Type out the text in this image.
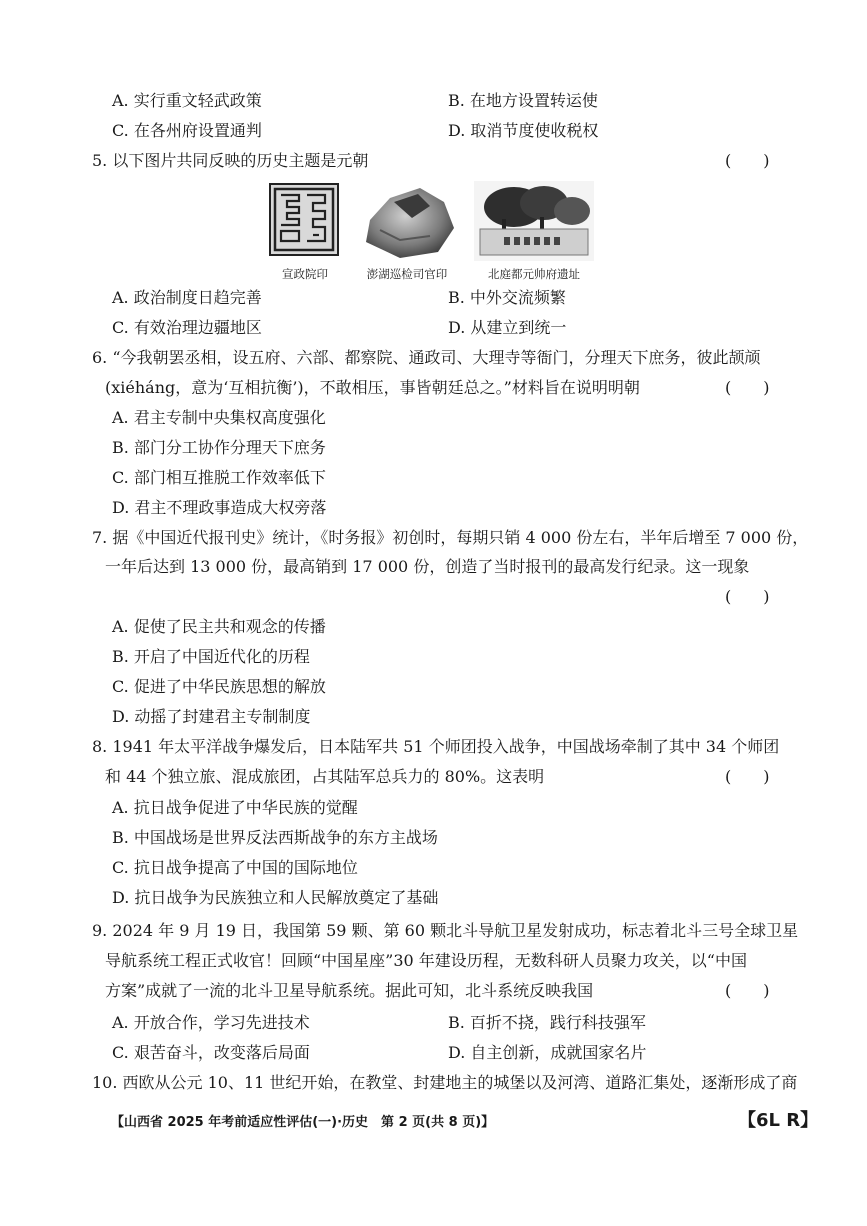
A. 实行重文轻武政策	B. 在地方设置转运使
C. 在各州府设置通判	D. 取消节度使收税权
5. 以下图片共同反映的历史主题是元朝	(　　)
宣政院印	澎湖巡检司官印	北庭都元帅府遗址
A. 政治制度日趋完善	B. 中外交流频繁
C. 有效治理边疆地区	D. 从建立到统一
6. “今我朝罢丞相，设五府、六部、都察院、通政司、大理寺等衙门，分理天下庶务，彼此颉颃
(xiéháng，意为‘互相抗衡’)，不敢相压，事皆朝廷总之。”材料旨在说明明朝	(　　)
A. 君主专制中央集权高度强化
B. 部门分工协作分理天下庶务
C. 部门相互推脱工作效率低下
D. 君主不理政事造成大权旁落
7. 据《中国近代报刊史》统计，《时务报》初创时，每期只销 4 000 份左右，半年后增至 7 000 份，
一年后达到 13 000 份，最高销到 17 000 份，创造了当时报刊的最高发行纪录。这一现象
(　　)
A. 促使了民主共和观念的传播
B. 开启了中国近代化的历程
C. 促进了中华民族思想的解放
D. 动摇了封建君主专制制度
8. 1941 年太平洋战争爆发后，日本陆军共 51 个师团投入战争，中国战场牵制了其中 34 个师团
和 44 个独立旅、混成旅团，占其陆军总兵力的 80%。这表明	(　　)
A. 抗日战争促进了中华民族的觉醒
B. 中国战场是世界反法西斯战争的东方主战场
C. 抗日战争提高了中国的国际地位
D. 抗日战争为民族独立和人民解放奠定了基础
9. 2024 年 9 月 19 日，我国第 59 颗、第 60 颗北斗导航卫星发射成功，标志着北斗三号全球卫星
导航系统工程正式收官！回顾“中国星座”30 年建设历程，无数科研人员聚力攻关，以“中国
方案”成就了一流的北斗卫星导航系统。据此可知，北斗系统反映我国	(　　)
A. 开放合作，学习先进技术	B. 百折不挠，践行科技强军
C. 艰苦奋斗，改变落后局面	D. 自主创新，成就国家名片
10. 西欧从公元 10、11 世纪开始，在教堂、封建地主的城堡以及河湾、道路汇集处，逐渐形成了商
【山西省 2025 年考前适应性评估(一)·历史　第 2 页(共 8 页)】	【6L R】
